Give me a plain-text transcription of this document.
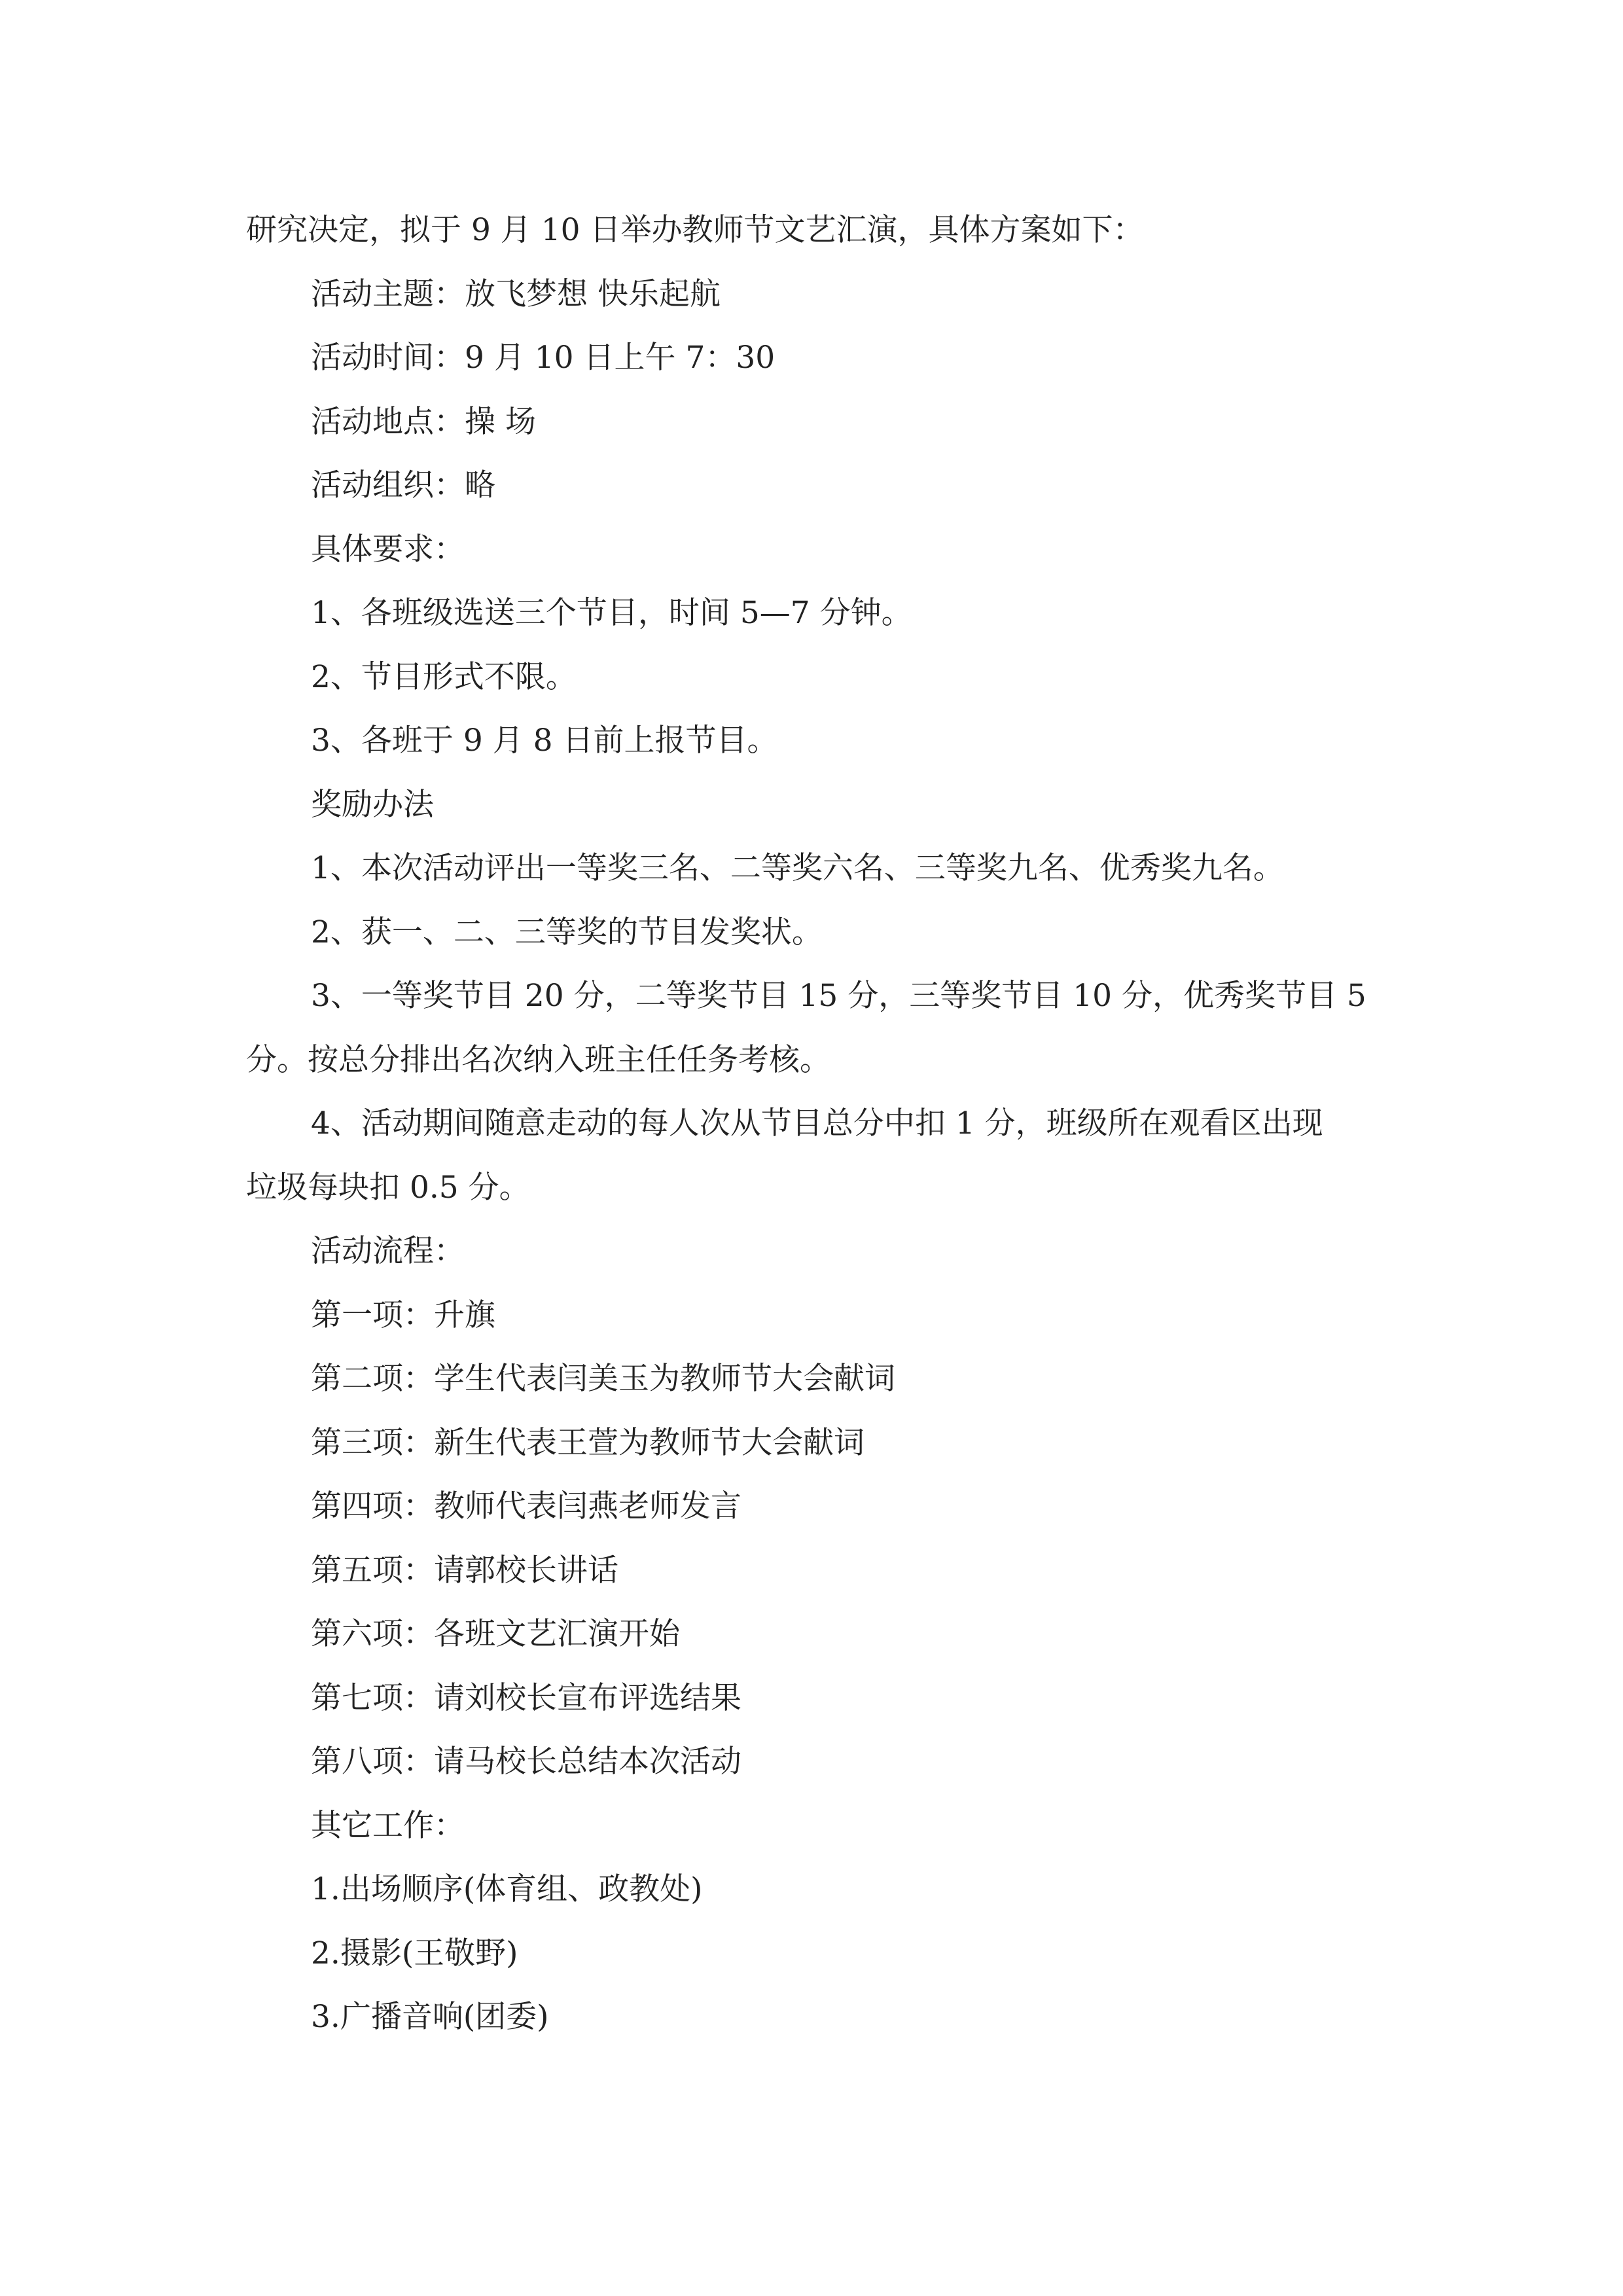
研究决定，拟于 9 月 10 日举办教师节文艺汇演，具体方案如下：

活动主题：放飞梦想 快乐起航

活动时间：9 月 10 日上午 7：30

活动地点：操 场

活动组织：略

具体要求：

1、各班级选送三个节目，时间 5—7 分钟。

2、节目形式不限。

3、各班于 9 月 8 日前上报节目。

奖励办法

1、本次活动评出一等奖三名、二等奖六名、三等奖九名、优秀奖九名。

2、获一、二、三等奖的节目发奖状。

3、一等奖节目 20 分，二等奖节目 15 分，三等奖节目 10 分，优秀奖节目 5

分。按总分排出名次纳入班主任任务考核。

4、活动期间随意走动的每人次从节目总分中扣 1 分，班级所在观看区出现

垃圾每块扣 0.5 分。

活动流程：

第一项：升旗

第二项：学生代表闫美玉为教师节大会献词

第三项：新生代表王萱为教师节大会献词

第四项：教师代表闫燕老师发言

第五项：请郭校长讲话

第六项：各班文艺汇演开始

第七项：请刘校长宣布评选结果

第八项：请马校长总结本次活动

其它工作：

1.出场顺序(体育组、政教处)

2.摄影(王敬野)

3.广播音响(团委)
